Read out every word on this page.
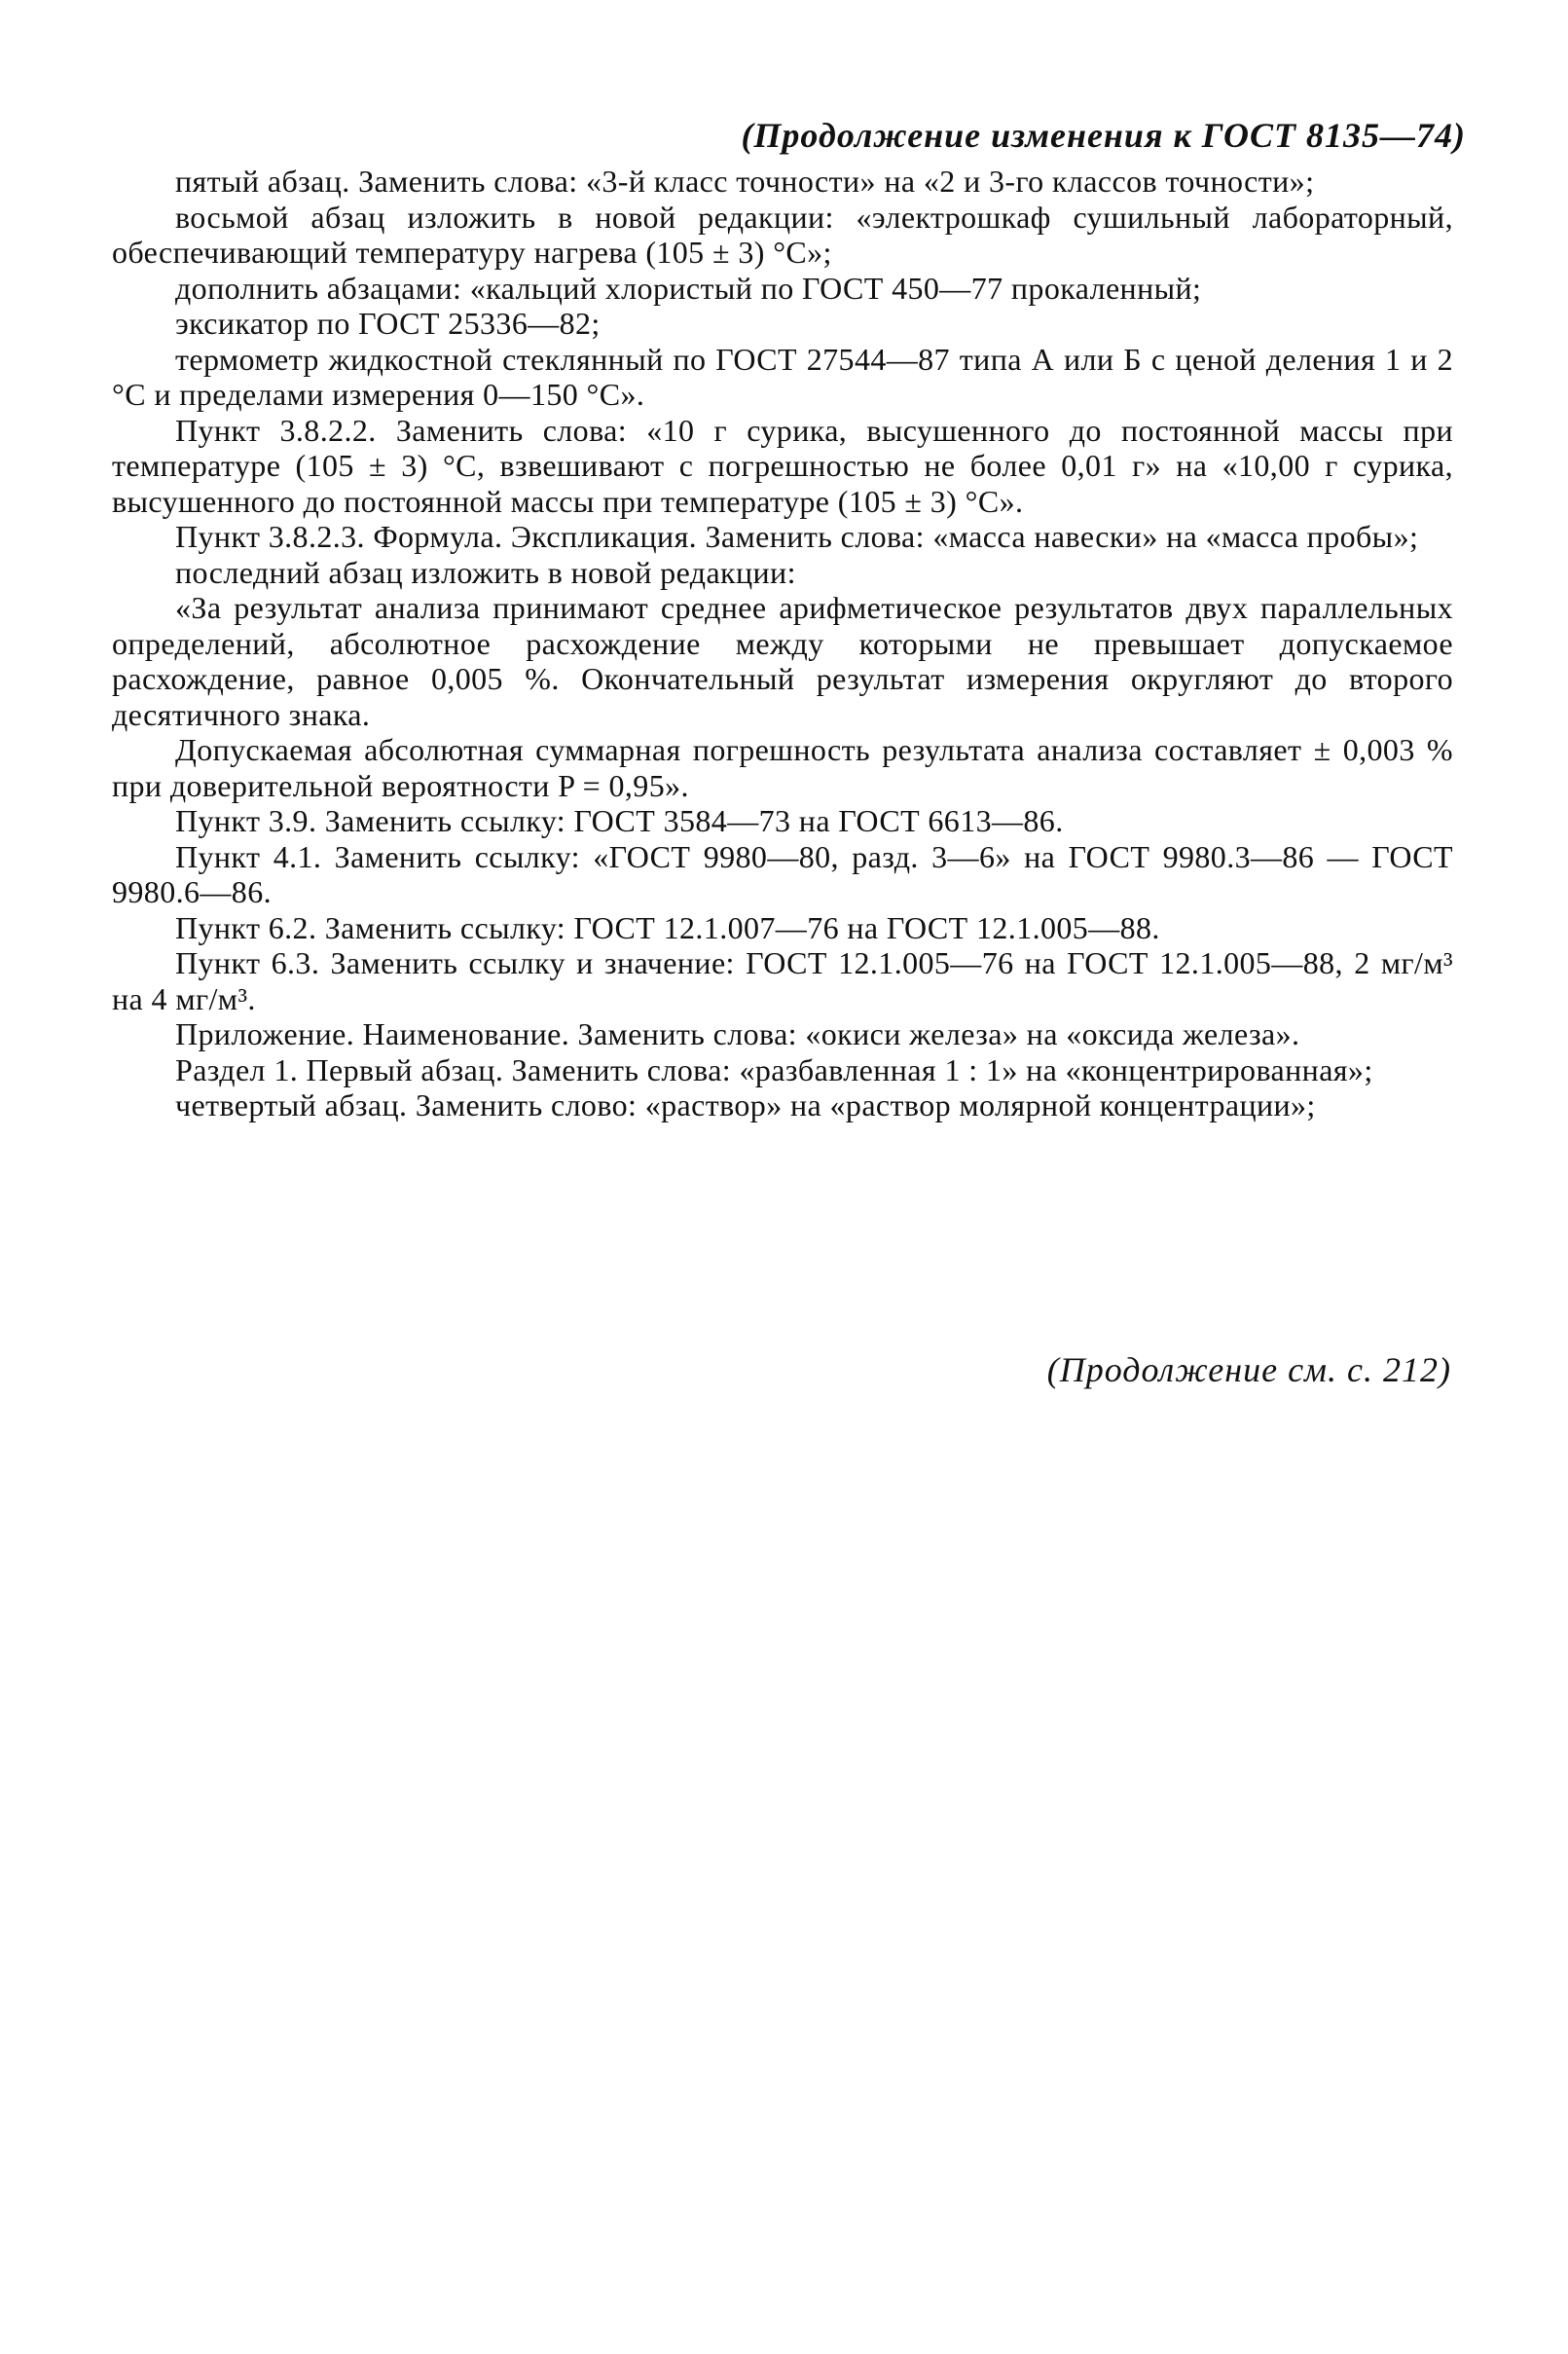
(Продолжение изменения к ГОСТ 8135—74)

пятый абзац. Заменить слова: «3-й класс точности» на «2 и 3-го классов точности»;

восьмой абзац изложить в новой редакции: «электрошкаф сушильный лабораторный, обеспечивающий температуру нагрева (105 ± 3) °С»;

дополнить абзацами: «кальций хлористый по ГОСТ 450—77 прокаленный;

эксикатор по ГОСТ 25336—82;

термометр жидкостной стеклянный по ГОСТ 27544—87 типа А или Б с ценой деления 1 и 2 °С и пределами измерения 0—150 °С».

Пункт 3.8.2.2. Заменить слова: «10 г сурика, высушенного до постоянной массы при температуре (105 ± 3) °С, взвешивают с погрешностью не более 0,01 г» на «10,00 г сурика, высушенного до постоянной массы при температуре (105 ± 3) °С».

Пункт 3.8.2.3. Формула. Экспликация. Заменить слова: «масса навески» на «масса пробы»;

последний абзац изложить в новой редакции:

«За результат анализа принимают среднее арифметическое результатов двух параллельных определений, абсолютное расхождение между которыми не превышает допускаемое расхождение, равное 0,005 %. Окончательный результат измерения округляют до второго десятичного знака.

Допускаемая абсолютная суммарная погрешность результата анализа составляет ± 0,003 % при доверительной вероятности P = 0,95».

Пункт 3.9. Заменить ссылку: ГОСТ 3584—73 на ГОСТ 6613—86.

Пункт 4.1. Заменить ссылку: «ГОСТ 9980—80, разд. 3—6» на ГОСТ 9980.3—86 — ГОСТ 9980.6—86.

Пункт 6.2. Заменить ссылку: ГОСТ 12.1.007—76 на ГОСТ 12.1.005—88.

Пункт 6.3. Заменить ссылку и значение: ГОСТ 12.1.005—76 на ГОСТ 12.1.005—88, 2 мг/м³ на 4 мг/м³.

Приложение. Наименование. Заменить слова: «окиси железа» на «оксида железа».

Раздел 1. Первый абзац. Заменить слова: «разбавленная 1 : 1» на «концентрированная»;

четвертый абзац. Заменить слово: «раствор» на «раствор молярной концентрации»;

(Продолжение см. с. 212)
